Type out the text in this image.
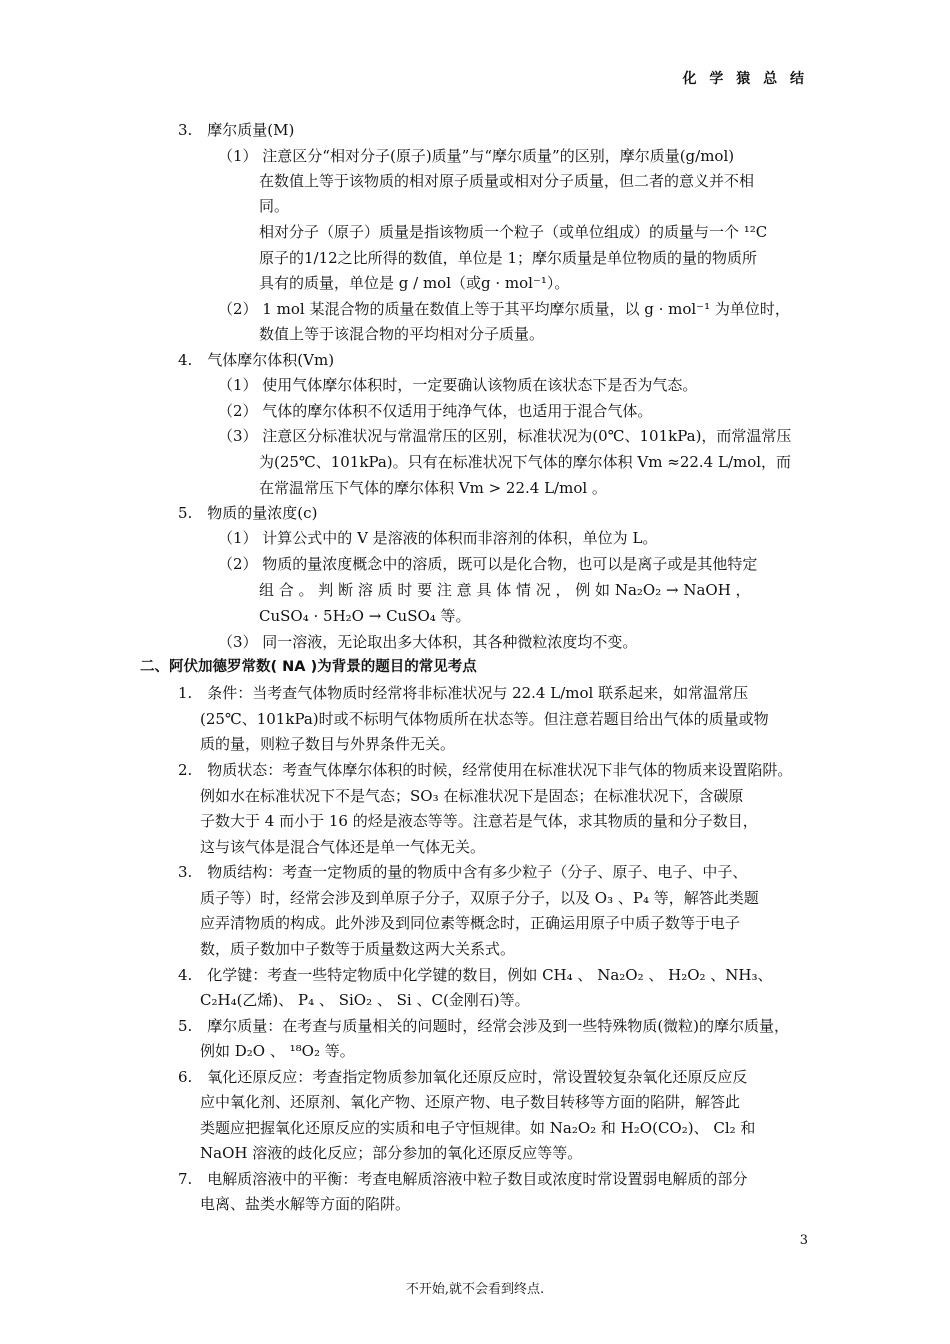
化 学 猿 总 结
3.　摩尔质量(M)
（1） 注意区分“相对分子(原子)质量”与“摩尔质量”的区别，摩尔质量(g/mol)
在数值上等于该物质的相对原子质量或相对分子质量，但二者的意义并不相
同。
相对分子（原子）质量是指该物质一个粒子（或单位组成）的质量与一个 ¹²C
原子的1/12之比所得的数值，单位是 1；摩尔质量是单位物质的量的物质所
具有的质量，单位是 g / mol（或g · mol⁻¹）。
（2） 1 mol 某混合物的质量在数值上等于其平均摩尔质量，以 g · mol⁻¹ 为单位时，
数值上等于该混合物的平均相对分子质量。
4.　气体摩尔体积(Vm)
（1） 使用气体摩尔体积时，一定要确认该物质在该状态下是否为气态。
（2） 气体的摩尔体积不仅适用于纯净气体，也适用于混合气体。
（3） 注意区分标准状况与常温常压的区别，标准状况为(0℃、101kPa)，而常温常压
为(25℃、101kPa)。只有在标准状况下气体的摩尔体积 Vm ≈22.4 L/mol，而
在常温常压下气体的摩尔体积 Vm > 22.4 L/mol 。
5.　物质的量浓度(c)
（1） 计算公式中的 V 是溶液的体积而非溶剂的体积，单位为 L。
（2） 物质的量浓度概念中的溶质，既可以是化合物，也可以是离子或是其他特定
组 合 。 判 断 溶 质 时 要 注 意 具 体 情 况 ， 例 如 Na₂O₂ → NaOH ，
CuSO₄ · 5H₂O → CuSO₄ 等。
（3） 同一溶液，无论取出多大体积，其各种微粒浓度均不变。
二、阿伏加德罗常数( NA )为背景的题目的常见考点
1.　条件：当考查气体物质时经常将非标准状况与 22.4 L/mol 联系起来，如常温常压
(25℃、101kPa)时或不标明气体物质所在状态等。但注意若题目给出气体的质量或物
质的量，则粒子数目与外界条件无关。
2.　物质状态：考查气体摩尔体积的时候，经常使用在标准状况下非气体的物质来设置陷阱。
例如水在标准状况下不是气态；SO₃ 在标准状况下是固态；在标准状况下，含碳原
子数大于 4 而小于 16 的烃是液态等等。注意若是气体，求其物质的量和分子数目，
这与该气体是混合气体还是单一气体无关。
3.　物质结构：考查一定物质的量的物质中含有多少粒子（分子、原子、电子、中子、
质子等）时，经常会涉及到单原子分子，双原子分子，以及 O₃ 、P₄ 等，解答此类题
应弄清物质的构成。此外涉及到同位素等概念时，正确运用原子中质子数等于电子
数，质子数加中子数等于质量数这两大关系式。
4.　化学键：考查一些特定物质中化学键的数目，例如 CH₄ 、 Na₂O₂ 、 H₂O₂ 、NH₃、
C₂H₄(乙烯)、 P₄ 、 SiO₂ 、 Si 、C(金刚石)等。
5.　摩尔质量：在考查与质量相关的问题时，经常会涉及到一些特殊物质(微粒)的摩尔质量，
例如 D₂O 、 ¹⁸O₂ 等。
6.　氧化还原反应：考查指定物质参加氧化还原反应时，常设置较复杂氧化还原反应反
应中氧化剂、还原剂、氧化产物、还原产物、电子数目转移等方面的陷阱，解答此
类题应把握氧化还原反应的实质和电子守恒规律。如 Na₂O₂ 和 H₂O(CO₂)、 Cl₂ 和
NaOH 溶液的歧化反应；部分参加的氧化还原反应等等。
7.　电解质溶液中的平衡：考查电解质溶液中粒子数目或浓度时常设置弱电解质的部分
电离、盐类水解等方面的陷阱。
3
不开始,就不会看到终点.
